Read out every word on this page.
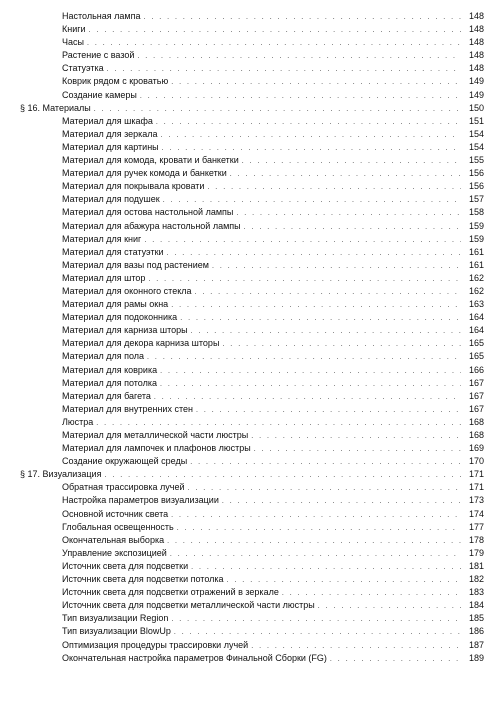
Настольная лампа . . .	148
Книги . . .	148
Часы . . .	148
Растение с вазой . . .	148
Статуэтка . . .	148
Коврик рядом с кроватью . . .	149
Создание камеры . . .	149
§ 16. Материалы . . .	150
Материал для шкафа . . .	151
Материал для зеркала . . .	154
Материал для картины . . .	154
Материал для комода, кровати и банкетки . . .	155
Материал для ручек комода и банкетки . . .	156
Материал для покрывала кровати . . .	156
Материал для подушек . . .	157
Материал для остова настольной лампы . . .	158
Материал для абажура настольной лампы . . .	159
Материал для книг . . .	159
Материал для статуэтки . . .	161
Материал для вазы под растением . . .	161
Материал для штор . . .	162
Материал для оконного стекла . . .	162
Материал для рамы окна . . .	163
Материал для подоконника . . .	164
Материал для карниза шторы . . .	164
Материал для декора карниза шторы . . .	165
Материал для пола . . .	165
Материал для коврика . . .	166
Материал для потолка . . .	167
Материал для багета . . .	167
Материал для внутренних стен . . .	167
Люстра . . .	168
Материал для металлической части люстры . . .	168
Материал для лампочек и плафонов люстры . . .	169
Создание окружающей среды . . .	170
§ 17. Визуализация . . .	171
Обратная трассировка лучей . . .	171
Настройка параметров визуализации . . .	173
Основной источник света . . .	174
Глобальная освещенность . . .	177
Окончательная выборка . . .	178
Управление экспозицией . . .	179
Источник света для подсветки . . .	181
Источник света для подсветки потолка . . .	182
Источник света для подсветки отражений в зеркале . . .	183
Источник света для подсветки металлической части люстры . . .	184
Тип визуализации Region . . .	185
Тип визуализации BlowUp . . .	186
Оптимизация процедуры трассировки лучей . . .	187
Окончательная настройка параметров Финальной Сборки (FG) . . .	189
